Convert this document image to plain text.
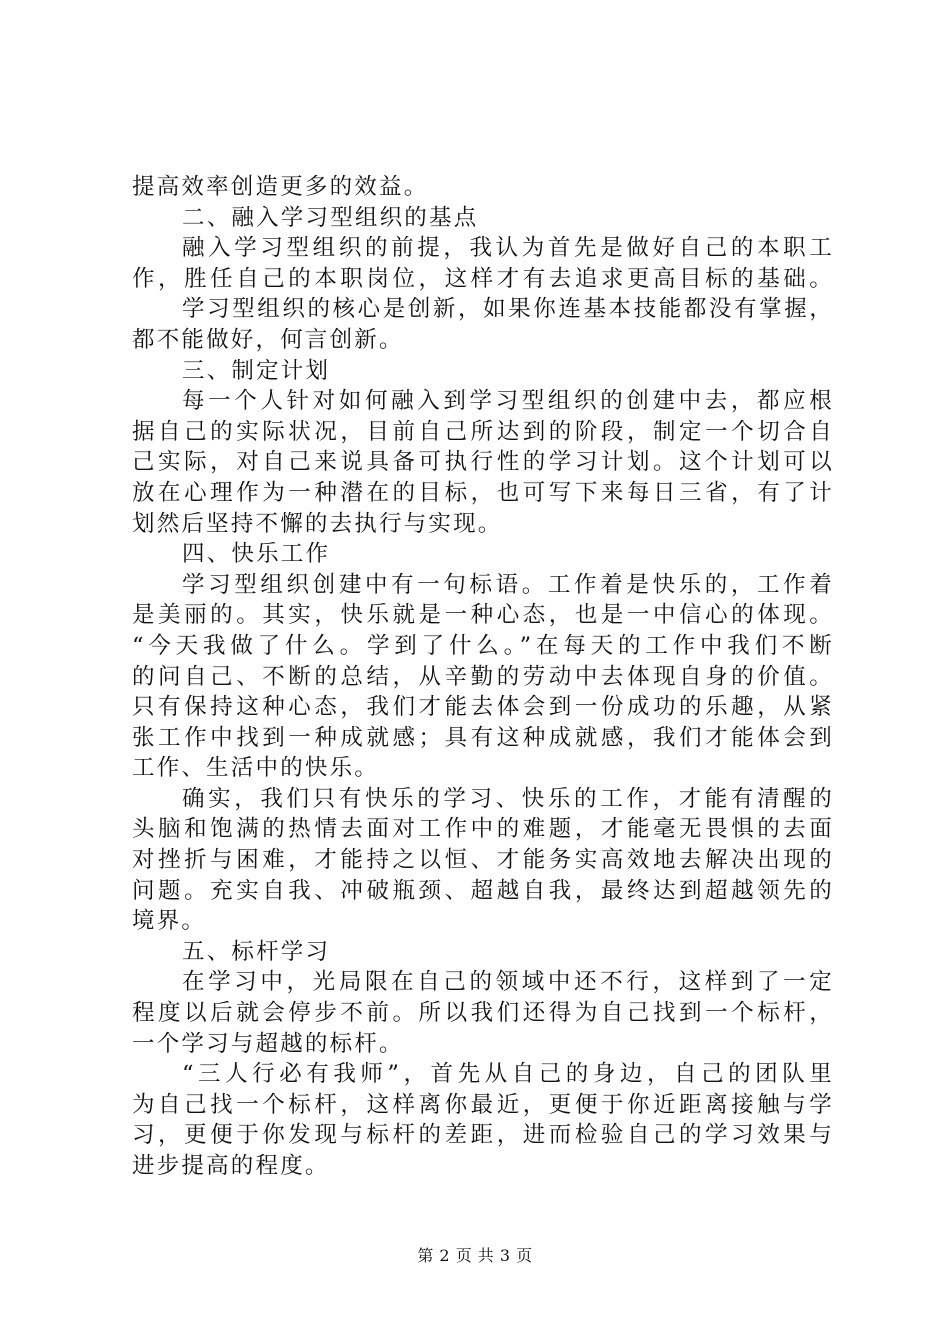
提高效率创造更多的效益。
二、融入学习型组织的基点
融入学习型组织的前提，我认为首先是做好自己的本职工
作，胜任自己的本职岗位，这样才有去追求更高目标的基础。
学习型组织的核心是创新，如果你连基本技能都没有掌握，
都不能做好，何言创新。
三、制定计划
每一个人针对如何融入到学习型组织的创建中去，都应根
据自己的实际状况，目前自己所达到的阶段，制定一个切合自
己实际，对自己来说具备可执行性的学习计划。这个计划可以
放在心理作为一种潜在的目标，也可写下来每日三省，有了计
划然后坚持不懈的去执行与实现。
四、快乐工作
学习型组织创建中有一句标语。工作着是快乐的，工作着
是美丽的。其实，快乐就是一种心态，也是一中信心的体现。
“今天我做了什么。学到了什么。”在每天的工作中我们不断
的问自己、不断的总结，从辛勤的劳动中去体现自身的价值。
只有保持这种心态，我们才能去体会到一份成功的乐趣，从紧
张工作中找到一种成就感；具有这种成就感，我们才能体会到
工作、生活中的快乐。
确实，我们只有快乐的学习、快乐的工作，才能有清醒的
头脑和饱满的热情去面对工作中的难题，才能毫无畏惧的去面
对挫折与困难，才能持之以恒、才能务实高效地去解决出现的
问题。充实自我、冲破瓶颈、超越自我，最终达到超越领先的
境界。
五、标杆学习
在学习中，光局限在自己的领域中还不行，这样到了一定
程度以后就会停步不前。所以我们还得为自己找到一个标杆，
一个学习与超越的标杆。
“三人行必有我师”，首先从自己的身边，自己的团队里
为自己找一个标杆，这样离你最近，更便于你近距离接触与学
习，更便于你发现与标杆的差距，进而检验自己的学习效果与
进步提高的程度。
第 2 页 共 3 页
